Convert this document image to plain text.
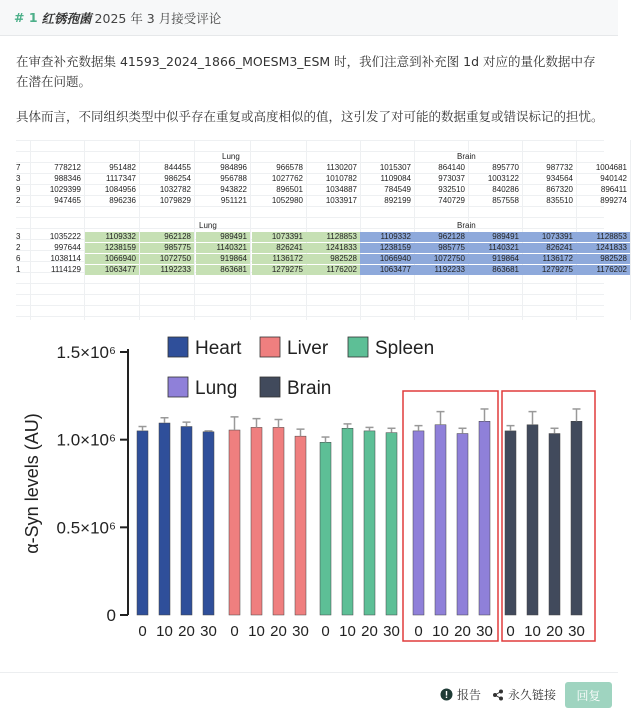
# 1 红锈孢菌 2025 年 3 月接受评论
在审查补充数据集 41593_2024_1866_MOESM3_ESM 时，我们注意到补充图 1d 对应的量化数据中存在潜在问题。
具体而言，不同组织类型中似乎存在重复或高度相似的值，这引发了对可能的数据重复或错误标记的担忧。
Lung	Brain
Lung	Brain
7	778212	951482	844455	984896	966578	1130207	1015307	864140	895770	987732	1004681
3	988346	1117347	986254	956788	1027762	1010782	1109084	973037	1003122	934564	940142
9	1029399	1084956	1032782	943822	896501	1034887	784549	932510	840286	867320	896411
2	947465	896236	1079829	951121	1052980	1033917	892199	740729	857558	835510	899274
3	1035222	1109332	962128	989491	1073391	1128853	1109332	962128	989491	1073391	1128853
2	997644	1238159	985775	1140321	826241	1241833	1238159	985775	1140321	826241	1241833
6	1038114	1066940	1072750	919864	1136172	982528	1066940	1072750	919864	1136172	982528
1	1114129	1063477	1192233	863681	1279275	1176202	1063477	1192233	863681	1279275	1176202
0
0.5×10⁶
1.0×10⁶
1.5×10⁶
α-Syn levels (AU)
0 10 20 30 0 10 20 30 0 10 20 30 0 10 20 30 0 10 20 30
Heart Liver Spleen
Lung	Brain
报告 永久链接	回复
